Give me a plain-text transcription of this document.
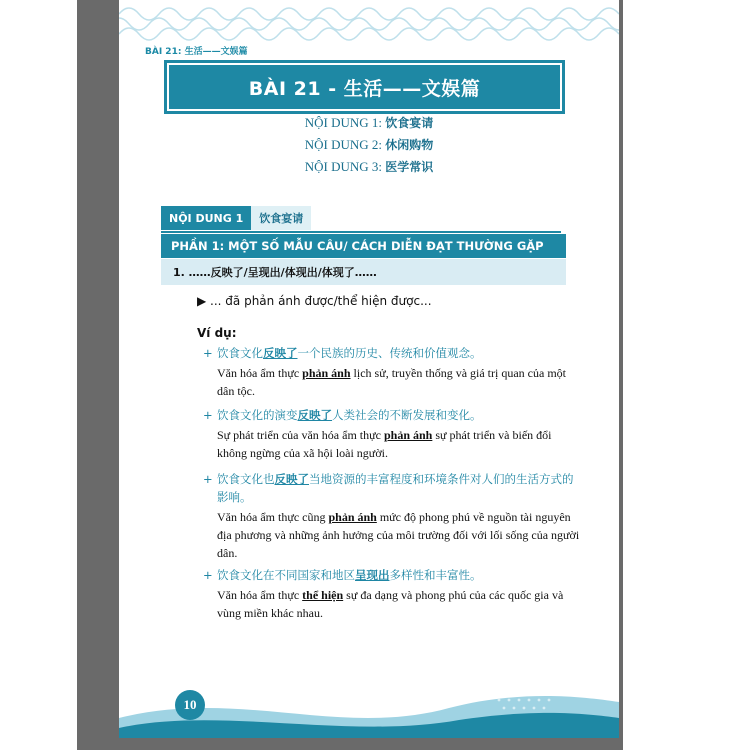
BÀI 21: 生活——文娱篇
BÀI 21 - 生活——文娱篇
NỘI DUNG 1: 饮食宴请
NỘI DUNG 2: 休闲购物
NỘI DUNG 3: 医学常识
NỘI DUNG 1	饮食宴请
PHẦN 1: MỘT SỐ MẪU CÂU/ CÁCH DIỄN ĐẠT THƯỜNG GẶP
1. ……反映了/呈现出/体现出/体现了……
▶ ... đã phản ánh được/thể hiện được...
Ví dụ:
+ 饮食文化反映了一个民族的历史、传统和价值观念。
Văn hóa ẩm thực phản ánh lịch sử, truyền thống và giá trị quan của một dân tộc.
+ 饮食文化的演变反映了人类社会的不断发展和变化。
Sự phát triển của văn hóa ẩm thực phản ánh sự phát triển và biến đổi không ngừng của xã hội loài người.
+ 饮食文化也反映了当地资源的丰富程度和环境条件对人们的生活方式的影响。
Văn hóa ẩm thực cũng phản ánh mức độ phong phú về nguồn tài nguyên địa phương và những ảnh hưởng của môi trường đối với lối sống của người dân.
+ 饮食文化在不同国家和地区呈现出多样性和丰富性。
Văn hóa ẩm thực thể hiện sự đa dạng và phong phú của các quốc gia và vùng miền khác nhau.
10
